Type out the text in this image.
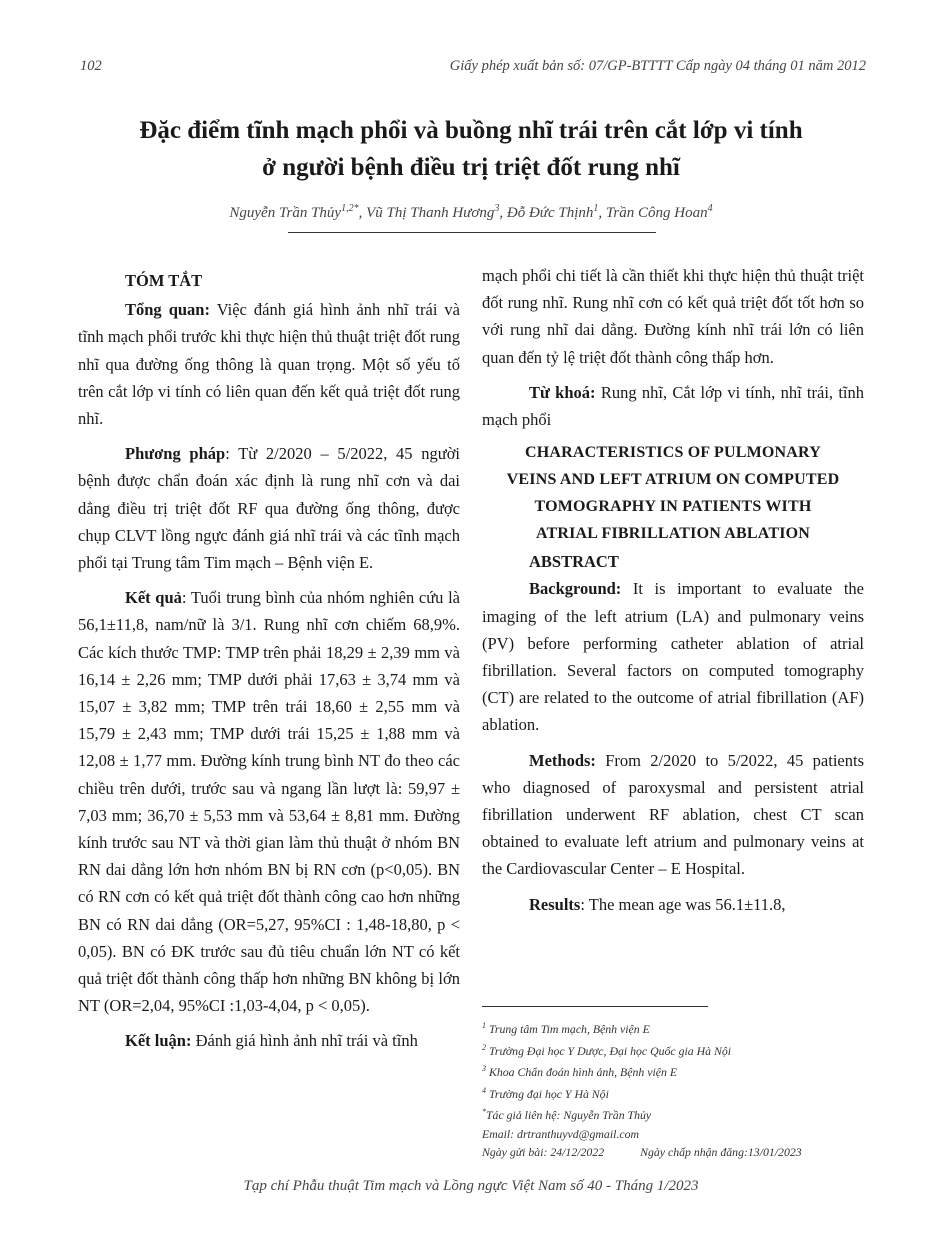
102	Giấy phép xuất bản số: 07/GP-BTTTT Cấp ngày 04 tháng 01 năm 2012
Đặc điểm tĩnh mạch phổi và buồng nhĩ trái trên cắt lớp vi tính
ở người bệnh điều trị triệt đốt rung nhĩ
Nguyễn Trần Thủy$^{1,2*}$, Vũ Thị Thanh Hương$^3$, Đỗ Đức Thịnh$^1$, Trần Công Hoan$^4$
TÓM TẮT

Tổng quan: Việc đánh giá hình ảnh nhĩ trái và tĩnh mạch phổi trước khi thực hiện thủ thuật triệt đốt rung nhĩ qua đường ống thông là quan trọng. Một số yếu tố trên cắt lớp vi tính có liên quan đến kết quả triệt đốt rung nhĩ.

Phương pháp: Từ 2/2020 – 5/2022, 45 người bệnh được chẩn đoán xác định là rung nhĩ cơn và dai dẳng điều trị triệt đốt RF qua đường ống thông, được chụp CLVT lồng ngực đánh giá nhĩ trái và các tĩnh mạch phổi tại Trung tâm Tim mạch – Bệnh viện E.

Kết quả: Tuổi trung bình của nhóm nghiên cứu là 56,1±11,8, nam/nữ là 3/1. Rung nhĩ cơn chiếm 68,9%. Các kích thước TMP: TMP trên phải 18,29 ± 2,39 mm và 16,14 ± 2,26 mm; TMP dưới phải 17,63 ± 3,74 mm và 15,07 ± 3,82 mm; TMP trên trái 18,60 ± 2,55 mm và 15,79 ± 2,43 mm; TMP dưới trái 15,25 ± 1,88 mm và 12,08 ± 1,77 mm. Đường kính trung bình NT đo theo các chiều trên dưới, trước sau và ngang lần lượt là: 59,97 ± 7,03 mm; 36,70 ± 5,53 mm và 53,64 ± 8,81 mm. Đường kính trước sau NT và thời gian làm thủ thuật ở nhóm BN RN dai dẳng lớn hơn nhóm BN bị RN cơn (p<0,05). BN có RN cơn có kết quả triệt đốt thành công cao hơn những BN có RN dai dẳng (OR=5,27, 95%CI : 1,48-18,80, p < 0,05). BN có ĐK trước sau đủ tiêu chuẩn lớn NT có kết quả triệt đốt thành công thấp hơn những BN không bị lớn NT (OR=2,04, 95%CI :1,03-4,04, p < 0,05).

Kết luận: Đánh giá hình ảnh nhĩ trái và tĩnh

mạch phổi chi tiết là cần thiết khi thực hiện thủ thuật triệt đốt rung nhĩ. Rung nhĩ cơn có kết quả triệt đốt tốt hơn so với rung nhĩ dai dẳng. Đường kính nhĩ trái lớn có liên quan đến tỷ lệ triệt đốt thành công thấp hơn.

Từ khoá: Rung nhĩ, Cắt lớp vi tính, nhĩ trái, tĩnh mạch phổi

CHARACTERISTICS OF PULMONARY
VEINS AND LEFT ATRIUM ON COMPUTED
TOMOGRAPHY IN PATIENTS WITH
ATRIAL FIBRILLATION ABLATION
ABSTRACT

Background: It is important to evaluate the imaging of the left atrium (LA) and pulmonary veins (PV) before performing catheter ablation of atrial fibrillation. Several factors on computed tomography (CT) are related to the outcome of atrial fibrillation (AF) ablation.

Methods: From 2/2020 to 5/2022, 45 patients who diagnosed of paroxysmal and persistent atrial fibrillation underwent RF ablation, chest CT scan obtained to evaluate left atrium and pulmonary veins at the Cardiovascular Center – E Hospital.

Results: The mean age was 56.1±11.8,

$^1$ Trung tâm Tim mạch, Bệnh viện E
$^2$ Trường Đại học Y Dược, Đại học Quốc gia Hà Nội
$^3$ Khoa Chẩn đoán hình ảnh, Bệnh viện E
$^4$ Trường đại học Y Hà Nội
*Tác giả liên hệ: Nguyễn Trần Thủy
Email: drtranthuyvd@gmail.com
Ngày gửi bài: 24/12/2022	Ngày chấp nhận đăng:13/01/2023
Tạp chí Phẫu thuật Tim mạch và Lồng ngực Việt Nam số 40 - Tháng 1/2023
